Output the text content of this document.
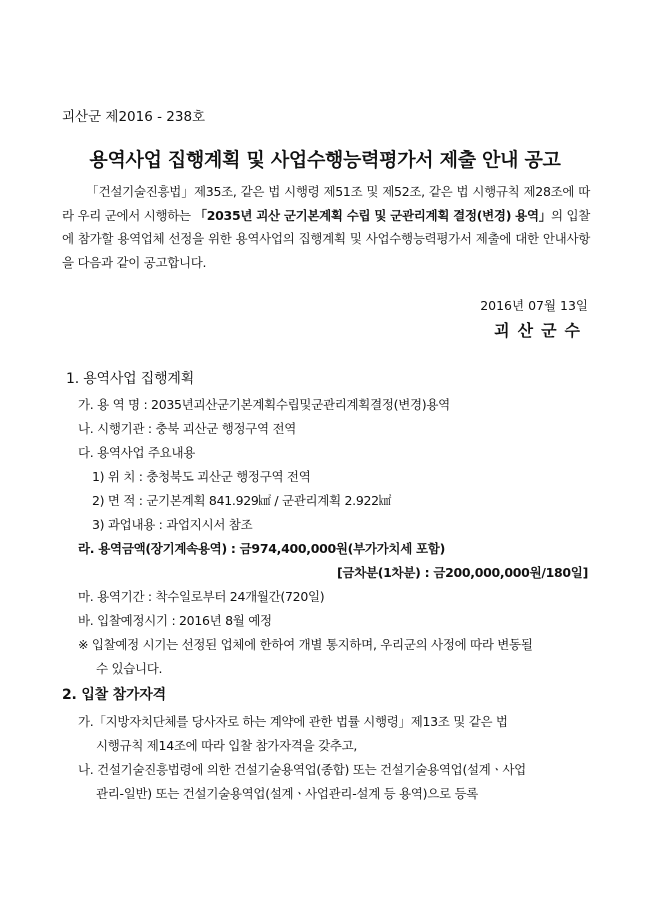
괴산군 제2016 - 238호
용역사업 집행계획 및 사업수행능력평가서 제출 안내 공고
「건설기술진흥법」제35조, 같은 법 시행령 제51조 및 제52조, 같은 법 시행규칙 제28조에 따라 우리 군에서 시행하는 「2035년 괴산 군기본계획 수립 및 군관리계획 결정(변경) 용역」의 입찰에 참가할 용역업체 선정을 위한 용역사업의 집행계획 및 사업수행능력평가서 제출에 대한 안내사항을 다음과 같이 공고합니다.
2016년 07월 13일
괴산군수
1. 용역사업 집행계획
가. 용 역 명 : 2035년괴산군기본계획수립및군관리계획결정(변경)용역
나. 시행기관 : 충북 괴산군 행정구역 전역
다. 용역사업 주요내용
1) 위 치 : 충청북도 괴산군 행정구역 전역
2) 면 적 : 군기본계획 841.929㎢ / 군관리계획 2.922㎢
3) 과업내용 : 과업지시서 참조
라. 용역금액(장기계속용역) : 금974,400,000원(부가가치세 포함)
[금차분(1차분) : 금200,000,000원/180일]
마. 용역기간 : 착수일로부터 24개월간(720일)
바. 입찰예정시기 : 2016년 8월 예정
※ 입찰예정 시기는 선정된 업체에 한하여 개별 통지하며, 우리군의 사정에 따라 변동될
수 있습니다.
2. 입찰 참가자격
가.「지방자치단체를 당사자로 하는 계약에 관한 법률 시행령」제13조 및 같은 법
시행규칙 제14조에 따라 입찰 참가자격을 갖추고,
나. 건설기술진흥법령에 의한 건설기술용역업(종합) 또는 건설기술용역업(설계ㆍ사업
관리-일반) 또는 건설기술용역업(설계ㆍ사업관리-설계 등 용역)으로 등록
